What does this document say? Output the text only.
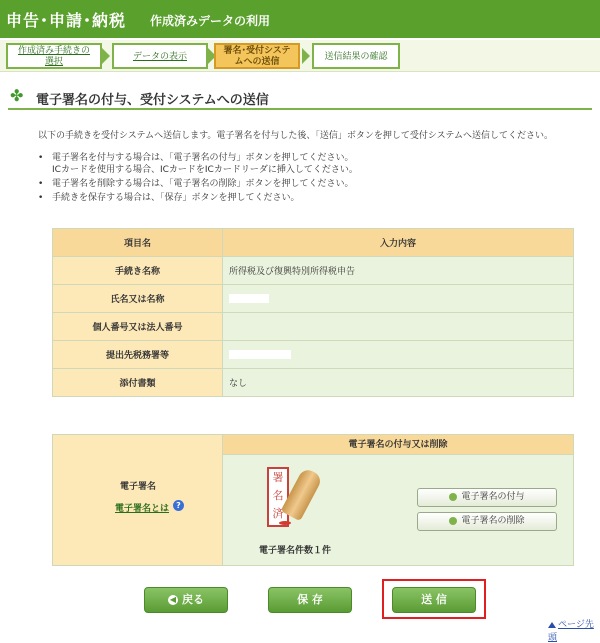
申告･申請･納税 作成済みデータの利用
作成済み手続きの
選択	データの表示
署名･受付システ
ムへの送信	送信結果の確認
✤ 電子署名の付与、受付システムへの送信
以下の手続きを受付システムへ送信します。電子署名を付与した後、「送信」ボタンを押して受付システムへ送信してください。
• 電子署名を付与する場合は、「電子署名の付与」ボタンを押してください。
ICカードを使用する場合、ICカードをICカードリーダに挿入してください。
• 電子署名を削除する場合は、「電子署名の削除」ボタンを押してください。
• 手続きを保存する場合は、「保存」ボタンを押してください。
項目名	入力内容
手続き名称	所得税及び復興特別所得税申告
氏名又は名称	
個人番号又は法人番号	
提出先税務署等	
添付書類	なし
電子署名
電子署名とは ?
電子署名の付与又は削除
署名済
電子署名件数１件
電子署名の付与
電子署名の削除
◀ 戻る	保 存	送 信
ページ先頭
